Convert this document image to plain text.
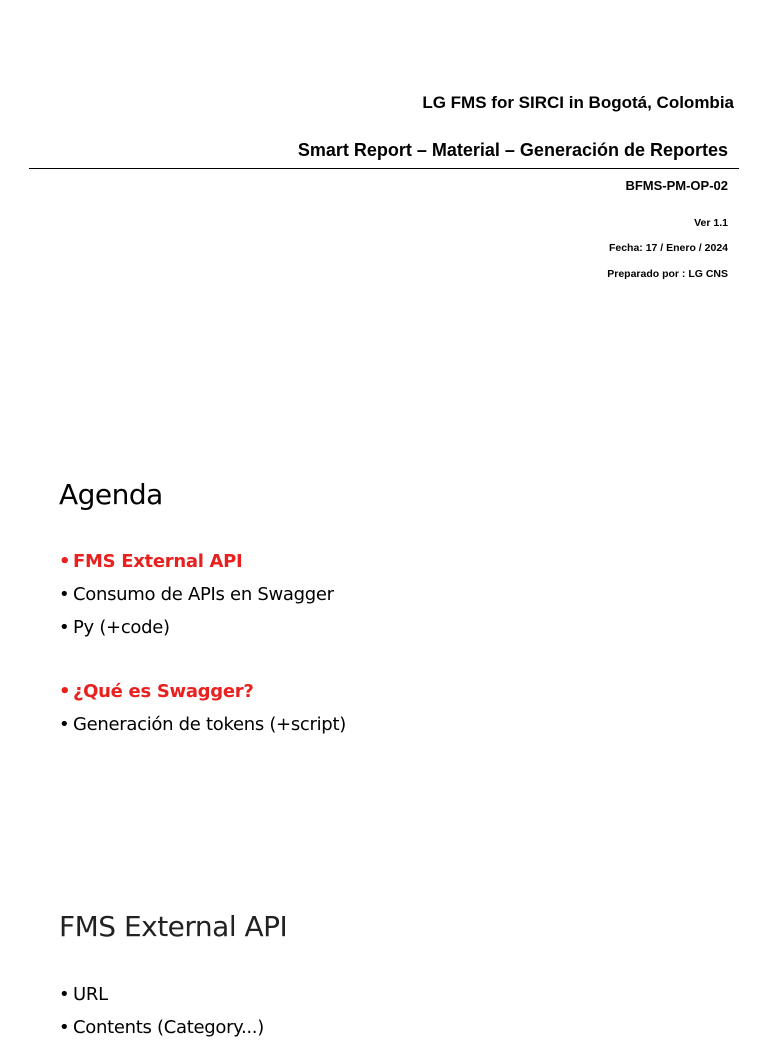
LG FMS for SIRCI in Bogotá, Colombia
Smart Report – Material – Generación de Reportes
BFMS-PM-OP-02
Ver 1.1
Fecha: 17 / Enero / 2024
Preparado por : LG CNS
Agenda
• FMS External API
• Consumo de APIs en Swagger
• Py (+code)
• ¿Qué es Swagger?
• Generación de tokens (+script)
FMS External API
• URL
• Contents (Category...)
